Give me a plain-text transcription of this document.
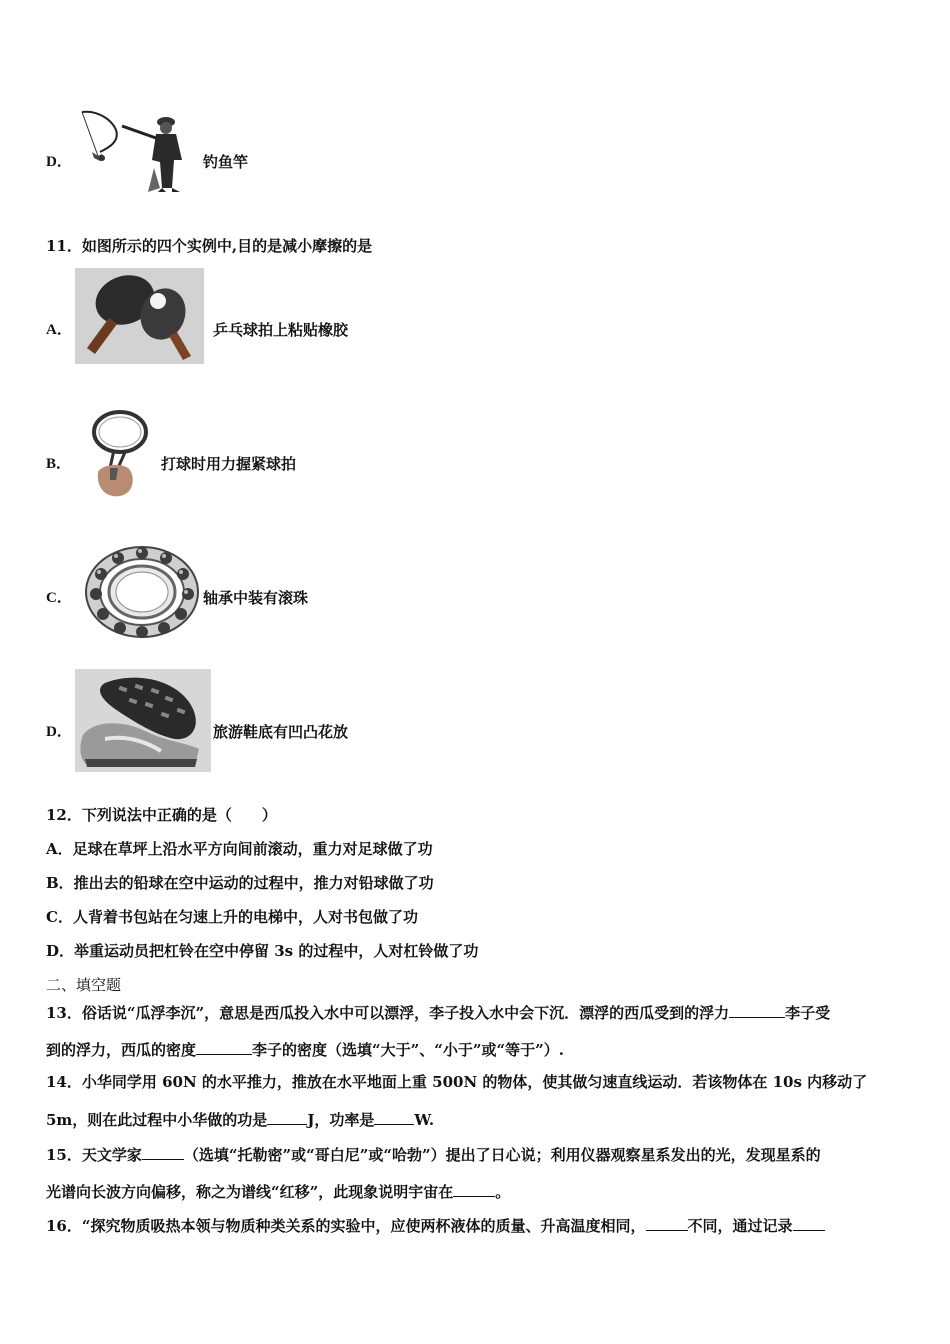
D．	钓鱼竿
11．如图所示的四个实例中,目的是减小摩擦的是
A．	乒乓球拍上粘贴橡胶
B．	打球时用力握紧球拍
C．	轴承中装有滚珠
D．	旅游鞋底有凹凸花放
12．下列说法中正确的是（　　）
A．足球在草坪上沿水平方向间前滚动，重力对足球做了功
B．推出去的铅球在空中运动的过程中，推力对铅球做了功
C．人背着书包站在匀速上升的电梯中，人对书包做了功
D．举重运动员把杠铃在空中停留 3s 的过程中，人对杠铃做了功
二、填空题
13．俗话说“瓜浮李沉”，意思是西瓜投入水中可以漂浮，李子投入水中会下沉．漂浮的西瓜受到的浮力	李子受
到的浮力，西瓜的密度	李子的密度（选填“大于”、“小于”或“等于”）.
14．小华同学用 60N 的水平推力，推放在水平地面上重 500N 的物体，使其做匀速直线运动．若该物体在 10s 内移动了
5m，则在此过程中小华做的功是	J，功率是	W.
15．天文学家	（选填“托勒密”或“哥白尼”或“哈勃”）提出了日心说；利用仪器观察星系发出的光，发现星系的
光谱向长波方向偏移，称之为谱线“红移”，此现象说明宇宙在	。
16．“探究物质吸热本领与物质种类关系的实验中，应使两杯液体的质量、升高温度相同，	不同，通过记录
